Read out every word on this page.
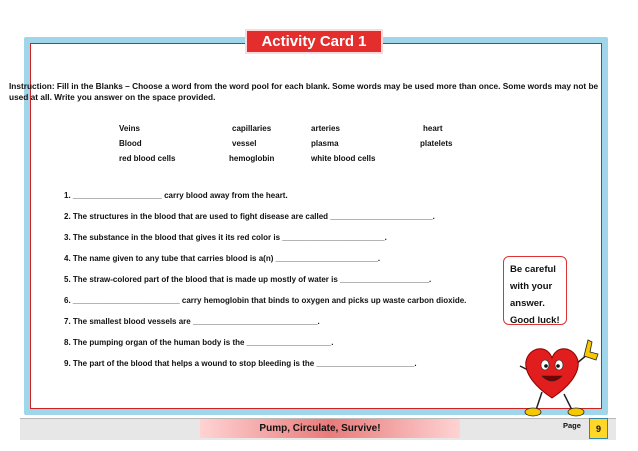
Activity Card 1

Instruction: Fill in the Blanks – Choose a word from the word pool for each blank. Some words may be used more than once. Some words may not be used at all. Write you answer on the space provided.

Veins	capillaries	arteries	heart
Blood	vessel	plasma	platelets
red blood cells	hemoglobin	white blood cells
1. ____________________ carry blood away from the heart.
2. The structures in the blood that are used to fight disease are called _______________________.
3. The substance in the blood that gives it its red color is _______________________.
4. The name given to any tube that carries blood is a(n) _______________________.
5. The straw-colored part of the blood that is made up mostly of water is ____________________.
6. ________________________ carry hemoglobin that binds to oxygen and picks up waste carbon dioxide.
7. The smallest blood vessels are ____________________________.
8. The pumping organ of the human body is the ___________________.
9. The part of the blood that helps a wound to stop bleeding is the ______________________.
Be careful
with your
answer.
Good luck!
Pump, Circulate, Survive!	Page	9
